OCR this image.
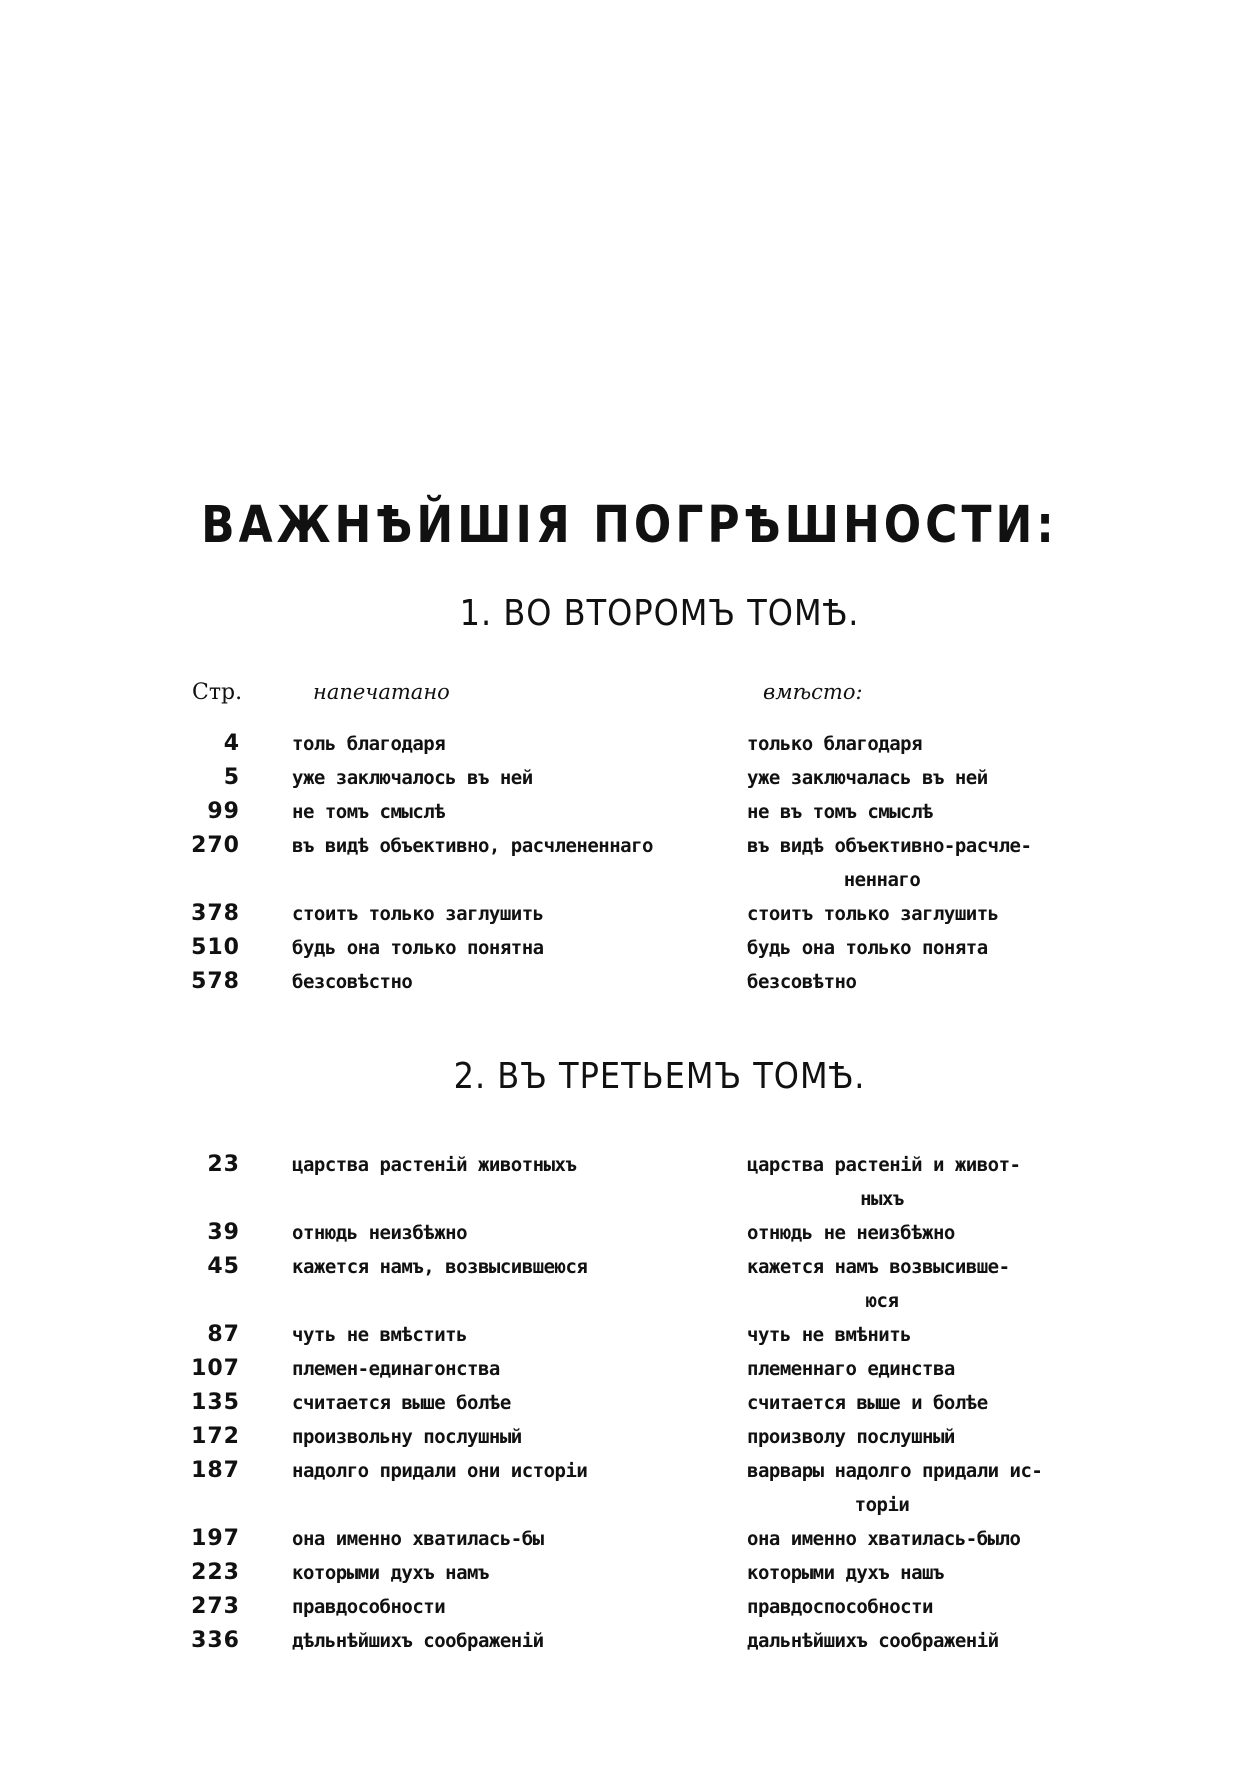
ВАЖНѢЙШІЯ ПОГРѢШНОСТИ:
1. ВО ВТОРОМЪ ТОМѢ.
Стр.	напечатано	вмѣсто:
4	толь благодаря	только благодаря
5	уже заключалось въ ней	уже заключалась въ ней
99	не томъ смыслѣ	не въ томъ смыслѣ
270	въ видѣ объективно, расчлененнаго	въ видѣ объективно-расчле-
неннаго
378	стоитъ только заглушить	стоитъ только заглушить
510	будь она только понятна	будь она только понята
578	безсовѣстно	безсовѣтно
2. ВЪ ТРЕТЬЕМЪ ТОМѢ.
23	царства растеній животныхъ	царства растеній и живот-
ныхъ
39	отнюдь неизбѣжно	отнюдь не неизбѣжно
45	кажется намъ, возвысившеюся	кажется намъ возвысивше-
юся
87	чуть не вмѣстить	чуть не вмѣнить
107	племен-единагонства	племеннаго единства
135	считается выше болѣе	считается выше и болѣе
172	произвольну послушный	произволу послушный
187	надолго придали они исторіи	варвары надолго придали ис-
торіи
197	она именно хватилась-бы	она именно хватилась-было
223	которыми духъ намъ	которыми духъ нашъ
273	правдособности	правдоспособности
336	дѣльнѣйшихъ соображеній	дальнѣйшихъ соображеній
